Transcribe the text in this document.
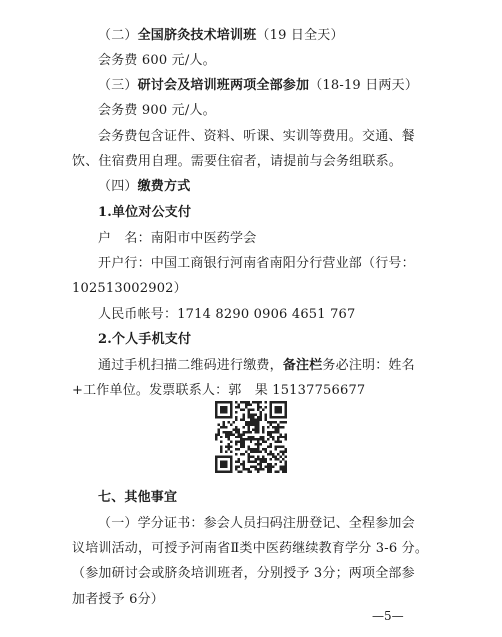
（二）全国脐灸技术培训班（19 日全天）
会务费 600 元/人。
（三）研讨会及培训班两项全部参加（18-19 日两天）
会务费 900 元/人。
会务费包含证件、资料、听课、实训等费用。交通、餐
饮、住宿费用自理。需要住宿者，请提前与会务组联系。
（四）缴费方式
1.单位对公支付
户　名：南阳市中医药学会
开户行：中国工商银行河南省南阳分行营业部（行号：
102513002902）
人民币帐号：1714 8290 0906 4651 767
2.个人手机支付
通过手机扫描二维码进行缴费，备注栏务必注明：姓名
+工作单位。发票联系人：郭　果 15137756677
七、其他事宜
（一）学分证书：参会人员扫码注册登记、全程参加会
议培训活动，可授予河南省Ⅱ类中医药继续教育学分 3-6 分。
（参加研讨会或脐灸培训班者，分别授予 3分；两项全部参
加者授予 6分）
—5—
